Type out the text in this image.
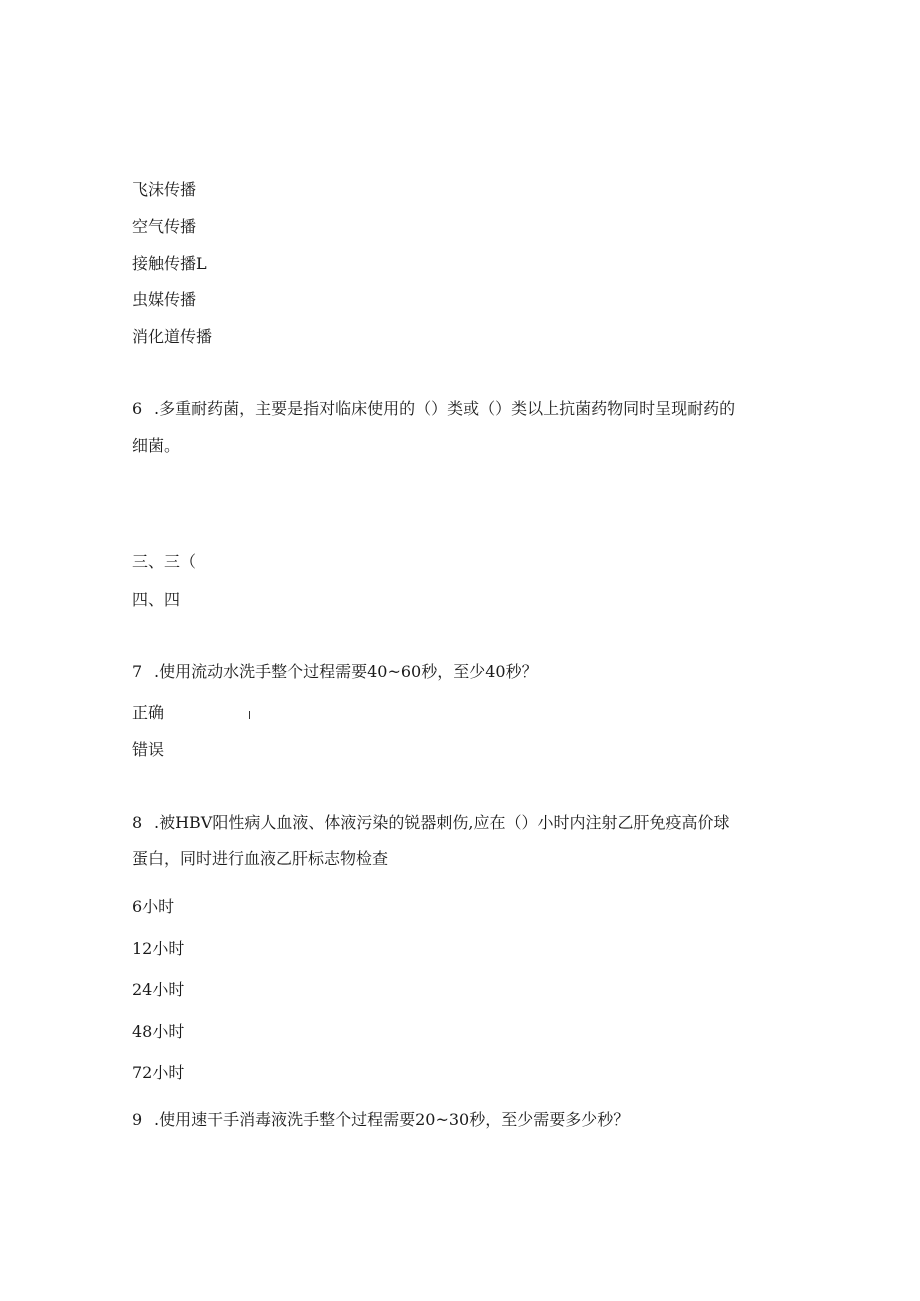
飞沫传播
空气传播
接触传播L
虫媒传播
消化道传播
6 .多重耐药菌，主要是指对临床使用的（）类或（）类以上抗菌药物同时呈现耐药的
细菌。
三、三（
四、四
7 .使用流动水洗手整个过程需要40~60秒，至少40秒？
正确
错误
8 .被HBV阳性病人血液、体液污染的锐器刺伤,应在（）小时内注射乙肝免疫高价球
蛋白，同时进行血液乙肝标志物检查
6小时
12小时
24小时
48小时
72小时
9 .使用速干手消毒液洗手整个过程需要20~30秒，至少需要多少秒？
